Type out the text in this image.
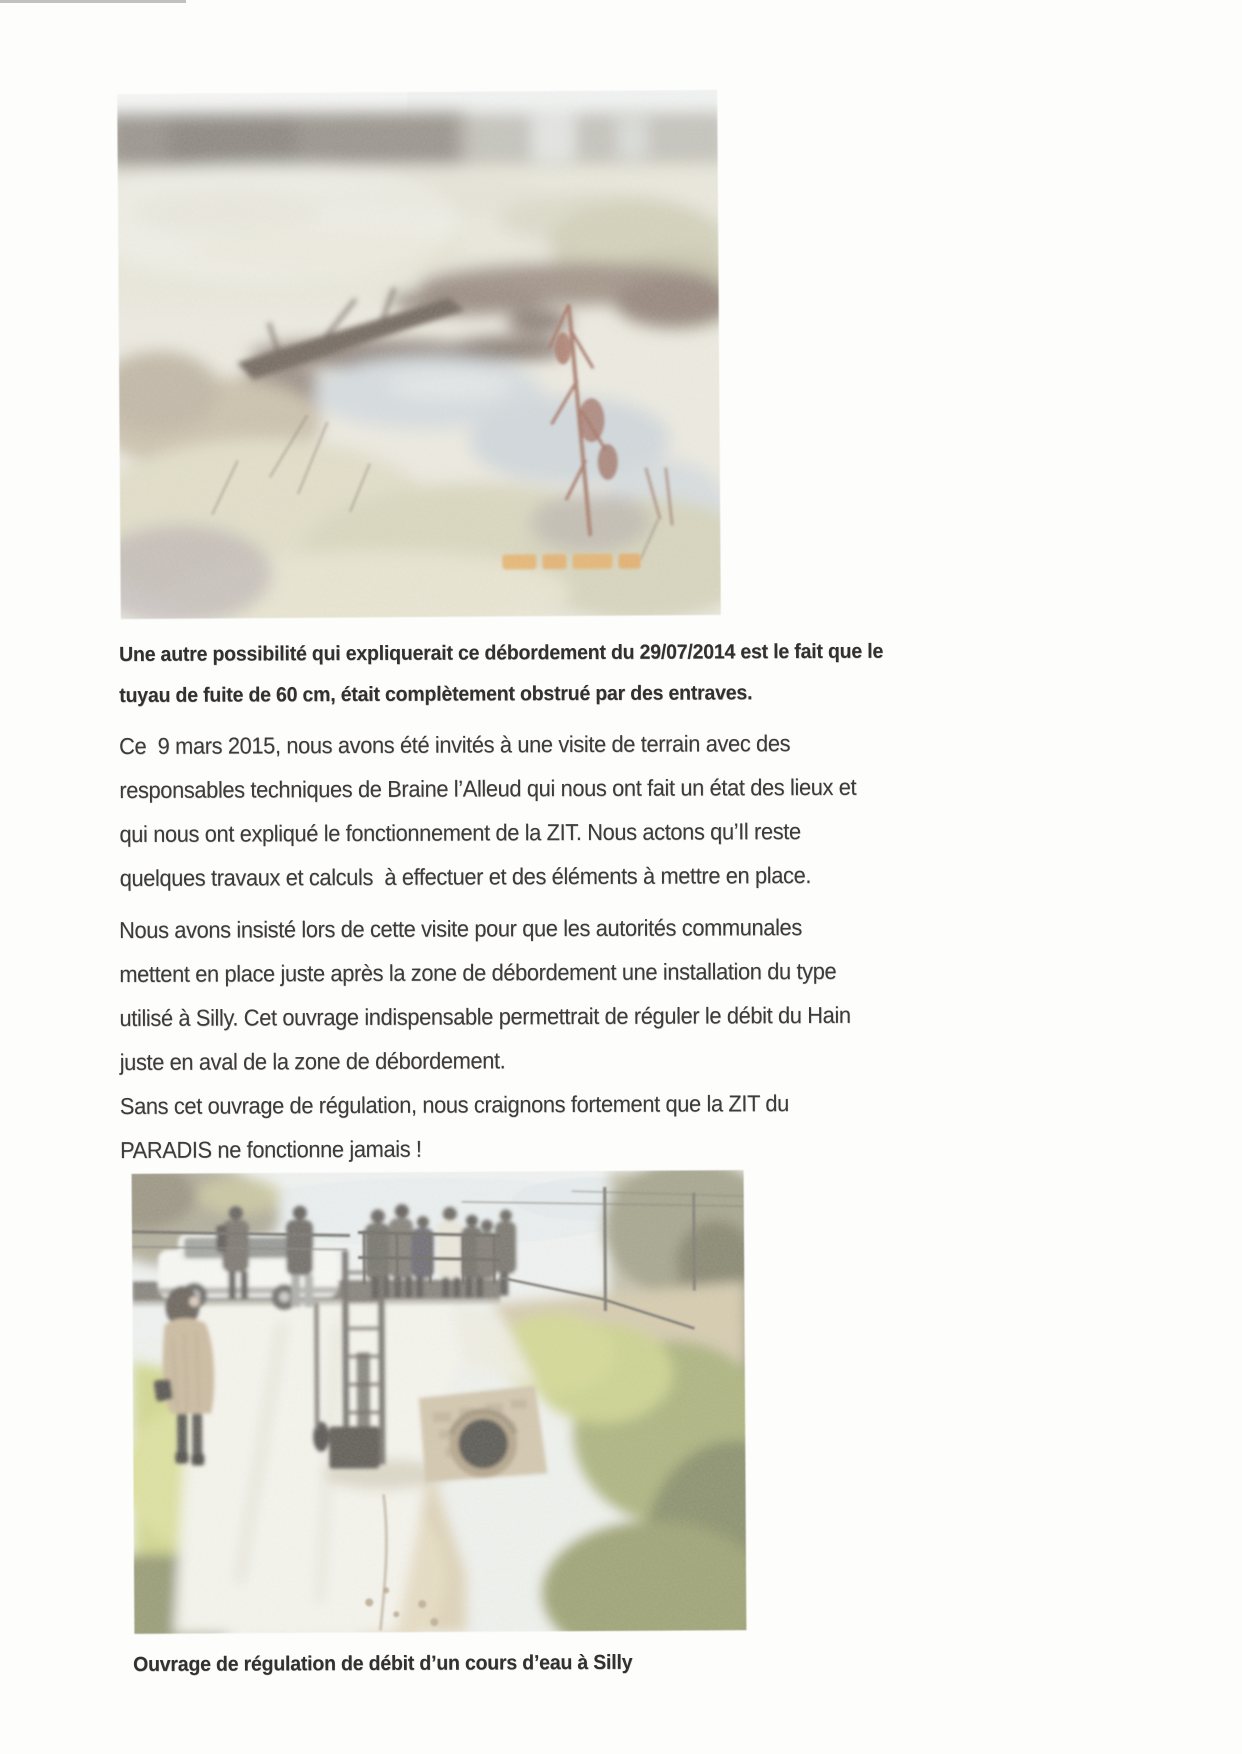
Une autre possibilité qui expliquerait ce débordement du 29/07/2014 est le fait que le
tuyau de fuite de 60 cm, était complètement obstrué par des entraves.
Ce  9 mars 2015, nous avons été invités à une visite de terrain avec des
responsables techniques de Braine l’Alleud qui nous ont fait un état des lieux et
qui nous ont expliqué le fonctionnement de la ZIT. Nous actons qu’Il reste
quelques travaux et calculs  à effectuer et des éléments à mettre en place.
Nous avons insisté lors de cette visite pour que les autorités communales
mettent en place juste après la zone de débordement une installation du type
utilisé à Silly. Cet ouvrage indispensable permettrait de réguler le débit du Hain
juste en aval de la zone de débordement.
Sans cet ouvrage de régulation, nous craignons fortement que la ZIT du
PARADIS ne fonctionne jamais !
Ouvrage de régulation de débit d’un cours d’eau à Silly
